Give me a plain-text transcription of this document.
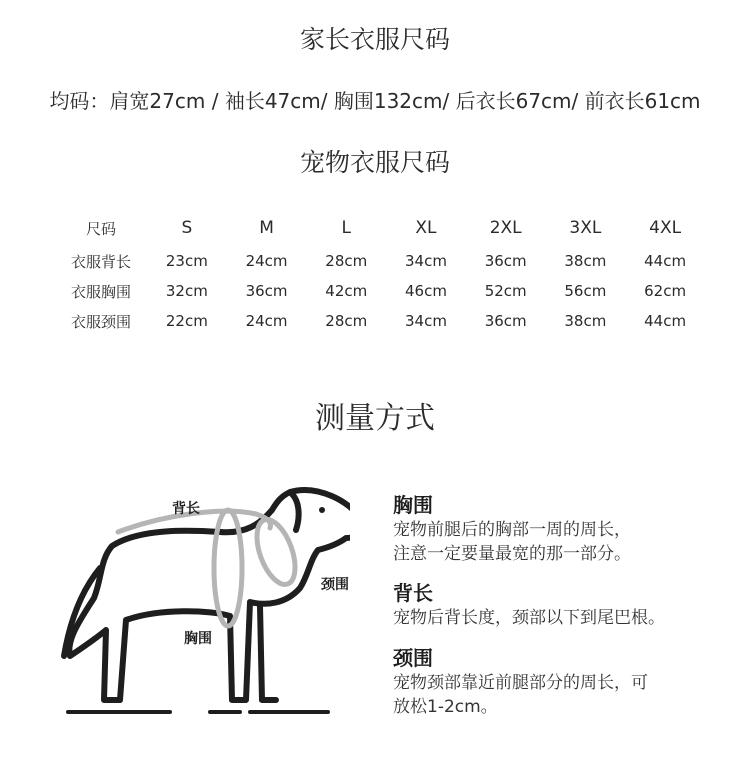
家长衣服尺码
均码：肩宽27cm / 袖长47cm/ 胸围132cm/ 后衣长67cm/ 前衣长61cm
宠物衣服尺码
尺码	S	M	L	XL	2XL	3XL	4XL
衣服背长	23cm	24cm	28cm	34cm	36cm	38cm	44cm
衣服胸围	32cm	36cm	42cm	46cm	52cm	56cm	62cm
衣服颈围	22cm	24cm	28cm	34cm	36cm	38cm	44cm
测量方式
背长
颈围
胸围
胸围
宠物前腿后的胸部一周的周长，
注意一定要量最宽的那一部分。
背长
宠物后背长度，颈部以下到尾巴根。
颈围
宠物颈部靠近前腿部分的周长，可
放松1-2cm。
